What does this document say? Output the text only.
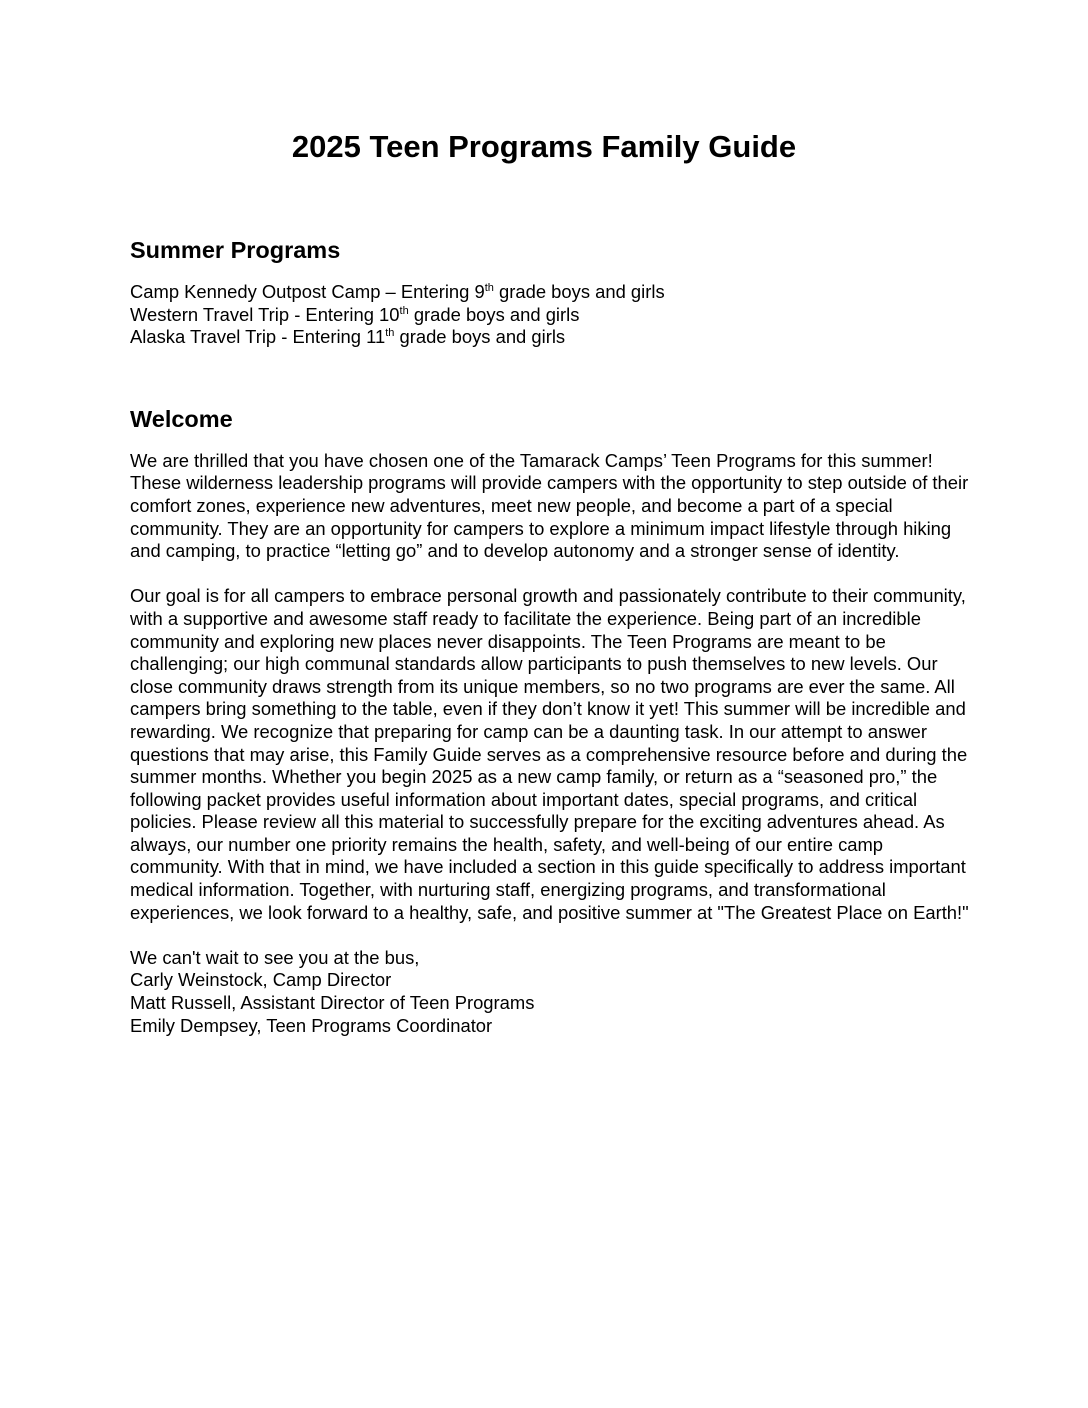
2025 Teen Programs Family Guide
Summer Programs

Camp Kennedy Outpost Camp – Entering 9th grade boys and girls

Western Travel Trip - Entering 10th grade boys and girls

Alaska Travel Trip - Entering 11th grade boys and girls

Welcome

We are thrilled that you have chosen one of the Tamarack Camps’ Teen Programs for this summer! These wilderness leadership programs will provide campers with the opportunity to step outside of their comfort zones, experience new adventures, meet new people, and become a part of a special community. They are an opportunity for campers to explore a minimum impact lifestyle through hiking and camping, to practice “letting go” and to develop autonomy and a stronger sense of identity.

Our goal is for all campers to embrace personal growth and passionately contribute to their community, with a supportive and awesome staff ready to facilitate the experience. Being part of an incredible community and exploring new places never disappoints. The Teen Programs are meant to be challenging; our high communal standards allow participants to push themselves to new levels. Our close community draws strength from its unique members, so no two programs are ever the same. All campers bring something to the table, even if they don’t know it yet! This summer will be incredible and rewarding. We recognize that preparing for camp can be a daunting task. In our attempt to answer questions that may arise, this Family Guide serves as a comprehensive resource before and during the summer months. Whether you begin 2025 as a new camp family, or return as a “seasoned pro,” the following packet provides useful information about important dates, special programs, and critical policies. Please review all this material to successfully prepare for the exciting adventures ahead. As always, our number one priority remains the health, safety, and well-being of our entire camp community. With that in mind, we have included a section in this guide specifically to address important medical information. Together, with nurturing staff, energizing programs, and transformational experiences, we look forward to a healthy, safe, and positive summer at "The Greatest Place on Earth!"

We can't wait to see you at the bus,

Carly Weinstock, Camp Director

Matt Russell, Assistant Director of Teen Programs

Emily Dempsey, Teen Programs Coordinator
